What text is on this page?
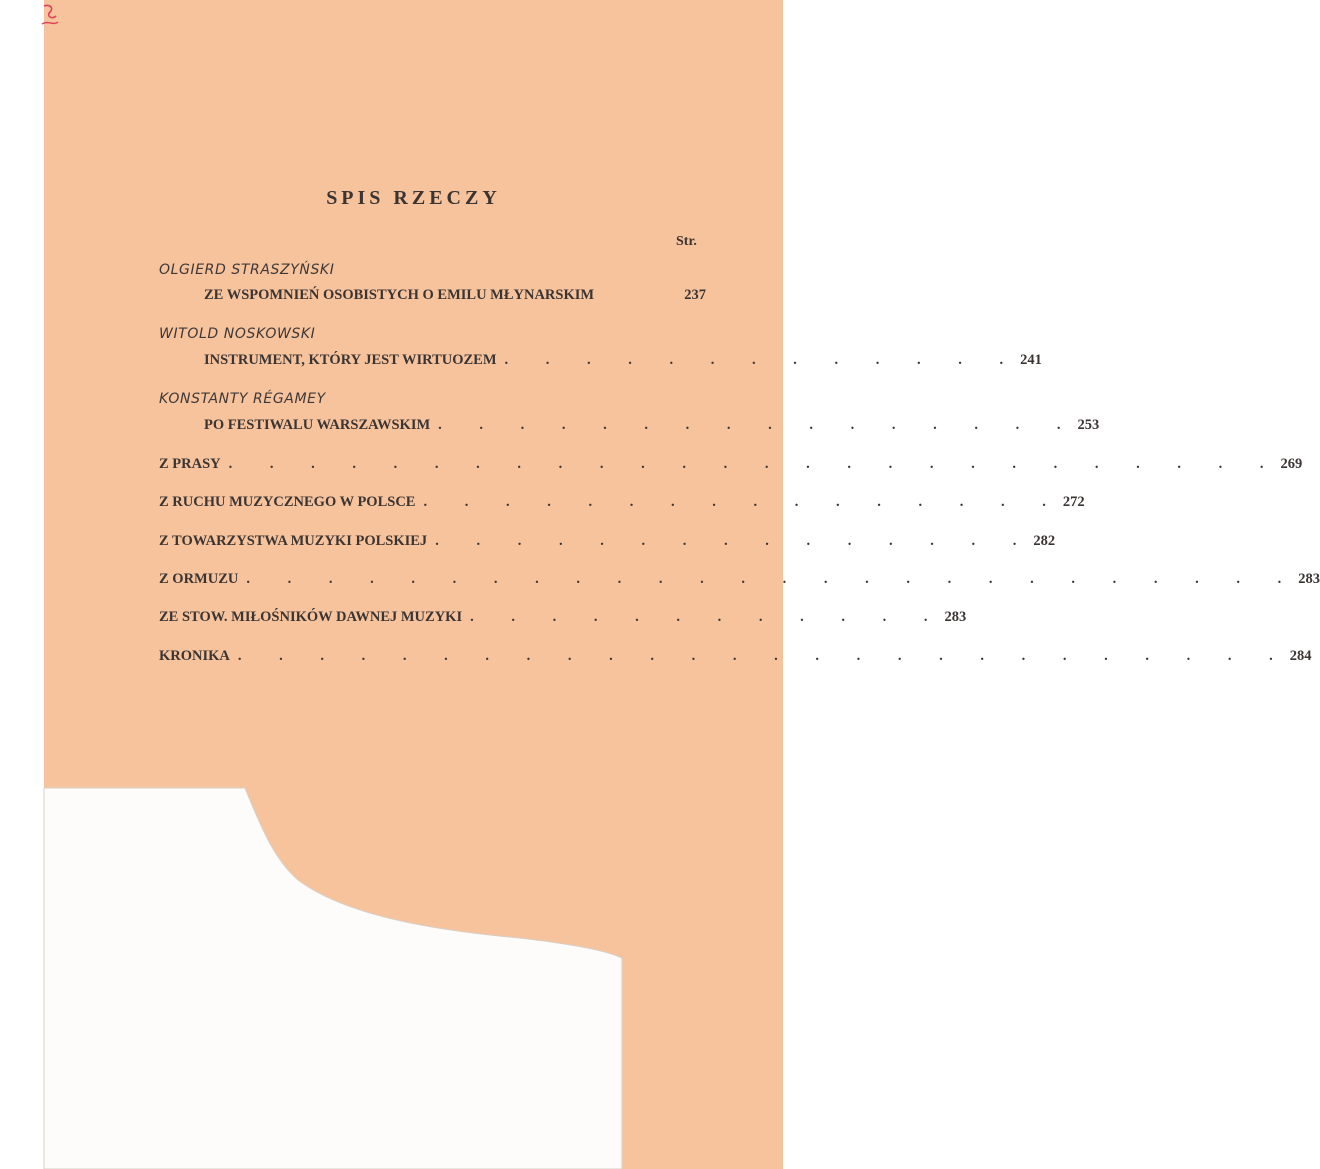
SPIS RZECZY
Str.
OLGIERD STRASZYŃSKI
ZE WSPOMNIEŃ OSOBISTYCH O EMILU MŁYNARSKIM	237
WITOLD NOSKOWSKI
INSTRUMENT, KTÓRY JEST WIRTUOZEM . . . . . . . . . . . . . 241
KONSTANTY RÉGAMEY
PO FESTIWALU WARSZAWSKIM . . . . . . . . . . . . . . . . 253
Z PRASY . . . . . . . . . . . . . . . . . . . . . . . . . . 269
Z RUCHU MUZYCZNEGO W POLSCE . . . . . . . . . . . . . . . . 272
Z TOWARZYSTWA MUZYKI POLSKIEJ . . . . . . . . . . . . . . . 282
Z ORMUZU . . . . . . . . . . . . . . . . . . . . . . . . . . 283
ZE STOW. MIŁOŚNIKÓW DAWNEJ MUZYKI . . . . . . . . . . . . 283
KRONIKA . . . . . . . . . . . . . . . . . . . . . . . . . . 284
